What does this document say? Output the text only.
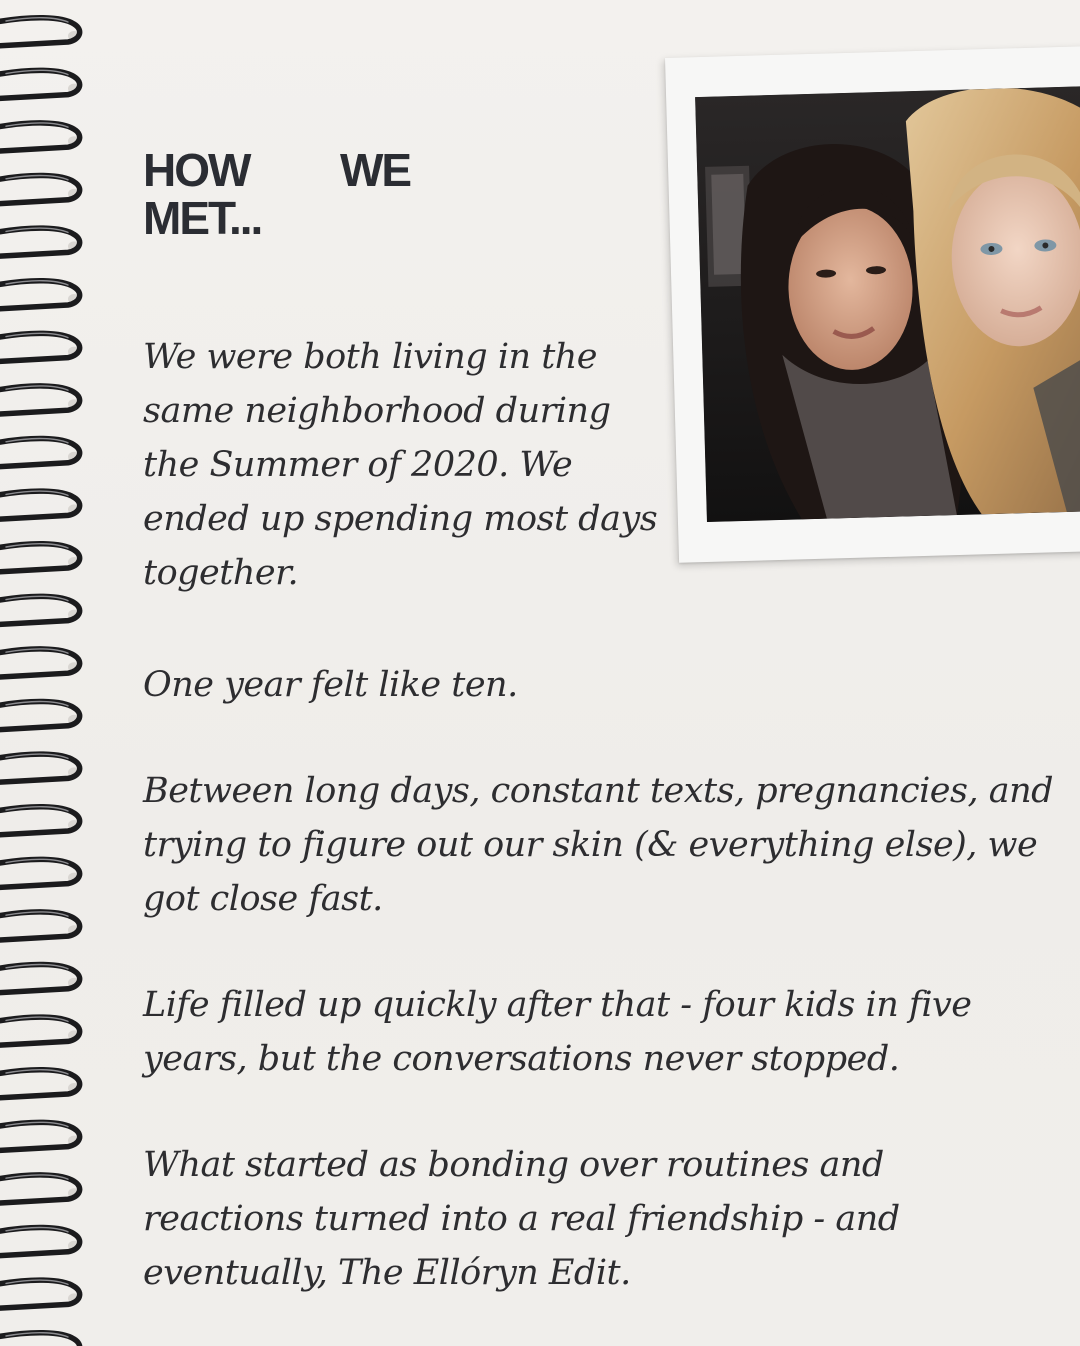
HOW WE
MET...

We were both living in the same neighborhood during the Summer of 2020. We ended up spending most days together.

One year felt like ten.

Between long days, constant texts, pregnancies, and trying to figure out our skin (& everything else), we got close fast.

Life filled up quickly after that - four kids in five years, but the conversations never stopped.

What started as bonding over routines and reactions turned into a real friendship - and eventually, The Ellóryn Edit.
